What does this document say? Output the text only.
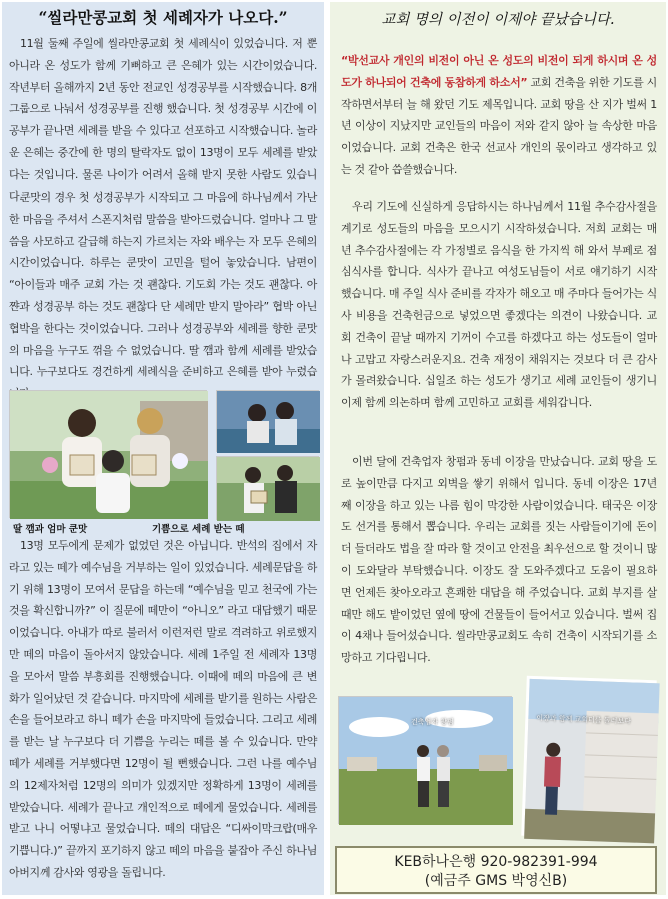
“씰라만콩교회 첫 세례자가 나오다.”
11월 둘째 주일에 씰라만콩교회 첫 세례식이 있었습니다. 저 뿐 아니라 온 성도가 함께 기뻐하고 큰 은혜가 있는 시간이었습니다. 작년부터 올해까지 2년 동안 전교인 성경공부를 시작했습니다. 8개 그룹으로 나눠서 성경공부를 진행 했습니다. 첫 성경공부 시간에 이 공부가 끝나면 세례를 받을 수 있다고 선포하고 시작했습니다. 놀라운 은혜는 중간에 한 명의 탈락자도 없이 13명이 모두 세례를 받았다는 것입니다. 물론 나이가 어려서 올해 받지 못한 사람도 있습니다.
쿤맛의 경우 첫 성경공부가 시작되고 그 마음에 하나님께서 가난한 마음을 주셔서 스폰지처럼 말씀을 받아드렸습니다. 얼마나 그 말씀을 사모하고 갈급해 하는지 가르치는 자와 배우는 자 모두 은혜의 시간이었습니다. 하루는 쿤맛이 고민을 털어 놓았습니다. 남편이 “아이들과 매주 교회 가는 것 괜찮다. 기도회 가는 것도 괜찮다. 아쨘과 성경공부 하는 것도 괜찮다 단 세례만 받지 말아라” 협박 아닌 협박을 한다는 것이었습니다. 그러나 성경공부와 세례를 향한 쿤맛의 마음을 누구도 꺾을 수 없었습니다. 딸 깸과 함께 세례를 받았습니다. 누구보다도 경건하게 세례식을 준비하고 은혜를 받아 누렸습
딸 깸과 엄마 쿤맛	기쁨으로 세례 받는 떼
13명 모두에게 문제가 없었던 것은 아닙니다. 반석의 집에서 자라고 있는 떼가 예수님을 거부하는 일이 있었습니다. 세례문답을 하기 위해 13명이 모여서 문답을 하는데 “예수님을 믿고 천국에 가는 것을 확신합니까?” 이 질문에 떼만이 “아니오” 라고 대답했기 때문이었습니다. 아내가 따로 불러서 이런저런 말로 격려하고 위로했지만 떼의 마음이 돌아서지 않았습니다. 세례 1주일 전 세례자 13명을 모아서 말씀 부흥회를 진행했습니다. 이때에 떼의 마음에 큰 변화가 일어났던 것 같습니다. 마지막에 세례를 받기를 원하는 사람은 손을 들어보라고 하니 떼가 손을 마지막에 들었습니다. 그리고 세례를 받는 날 누구보다 더 기쁨을 누리는 떼를 볼 수 있습니다. 만약 떼가 세례를 거부했다면 12명이 될 뻔했습니다. 그런 나를 예수님의 12제자처럼 12명의 의미가 있겠지만 정확하게 13명이 세례를 받았습니다. 세례가 끝나고 개인적으로 떼에게 물었습니다. 세례를 받고 나니 어떻냐고 물었습니다. 떼의 대답은 “디싸이막크랍(매우 기쁩니다.)” 끝까지 포기하지 않고 떼의 마음을 붙잡아 주신 하나님 아버지께 감사와 영광을 돌립니다.
교회 명의 이전이 이제야 끝났습니다.
“박선교사 개인의 비전이 아닌 온 성도의 비전이 되게 하시며 온 성도가 하나되어 건축에 동참하게 하소서” 교회 건축을 위한 기도를 시작하면서부터 늘 해 왔던 기도 제목입니다. 교회 땅을 산 지가 벌써 1년 이상이 지났지만 교인들의 마음이 저와 같지 않아 늘 속상한 마음이었습니다. 교회 건축은 한국 선교사 개인의 몫이라고 생각하고 있는 것 같아 씁쓸했습니다.
우리 기도에 신실하게 응답하시는 하나님께서 11월 추수감사절을 계기로 성도들의 마음을 모으시기 시작하셨습니다. 저희 교회는 매년 추수감사절에는 각 가정별로 음식을 한 가지씩 해 와서 부페로 점심식사를 합니다. 식사가 끝나고 여성도님들이 서로 얘기하기 시작했습니다. 매 주일 식사 준비를 각자가 해오고 매 주마다 들어가는 식사 비용을 건축헌금으로 넣었으면 좋겠다는 의견이 나왔습니다. 교회 건축이 끝날 때까지 기꺼이 수고를 하겠다고 하는 성도들이 얼마나 고맙고 자랑스러운지요. 건축 재정이 채워지는 것보다 더 큰 감사가 몰려왔습니다. 십일조 하는 성도가 생기고 세례 교인들이 생기니 이제 함께 의논하며 함께 고민하고 교회를 세워갑니다.
이번 달에 건축업자 창펌과 동네 이장을 만났습니다. 교회 땅을 도로 높이만큼 다지고 외벽을 쌓기 위해서 입니다. 동네 이장은 17년 째 이장을 하고 있는 나름 힘이 막강한 사람이었습니다. 태국은 이장도 선거를 통해서 뽑습니다. 우리는 교회를 짓는 사람들이기에 돈이 더 들더라도 법을 잘 따라 할 것이고 안전을 최우선으로 할 것이니 많이 도와달라 부탁했습니다. 이장도 잘 도와주겠다고 도움이 필요하면 언제든 찾아오라고 흔쾌한 대답을 해 주었습니다. 교회 부지를 살 때만 해도 밭이었던 옆에 땅에 건물들이 들어서고 있습니다. 벌써 집이 4채나 들어섰습니다. 씰라만콩교회도 속히 건축이 시작되기를 소망하고 기다립니다.
건축업자 창펌	이장과 함께 교회터를 돌러보다
KEB하나은행 920-982391-994
(예금주 GMS 박영신B)
